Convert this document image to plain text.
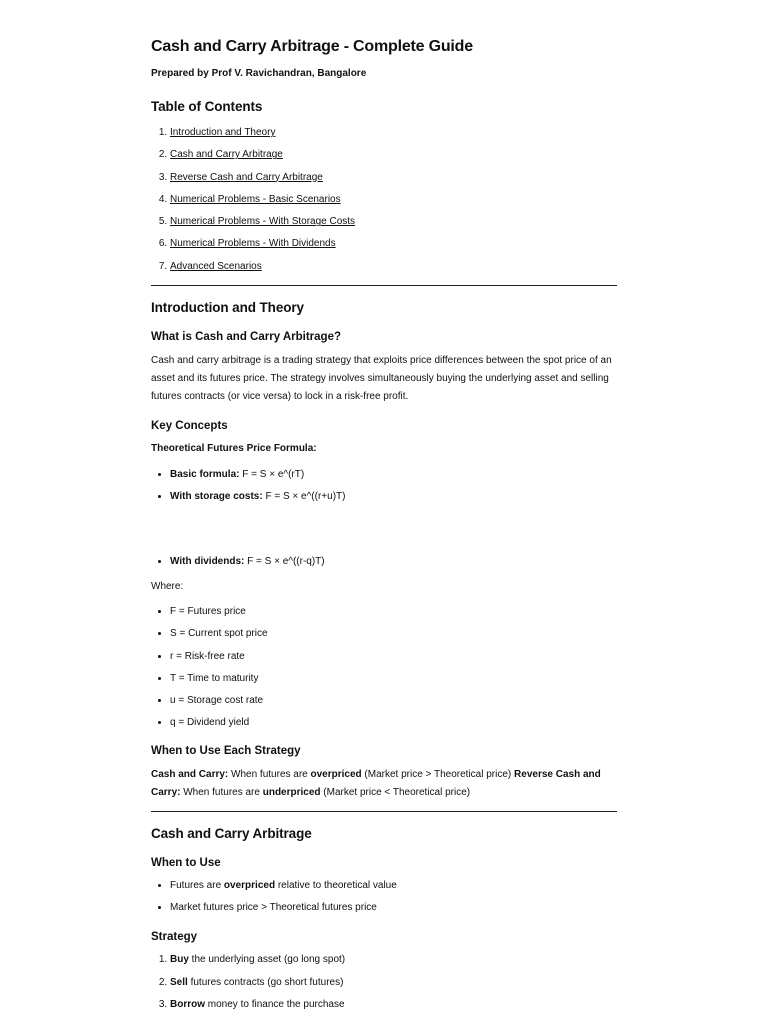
Cash and Carry Arbitrage - Complete Guide
Prepared by Prof V. Ravichandran, Bangalore
Table of Contents
1. Introduction and Theory
2. Cash and Carry Arbitrage
3. Reverse Cash and Carry Arbitrage
4. Numerical Problems - Basic Scenarios
5. Numerical Problems - With Storage Costs
6. Numerical Problems - With Dividends
7. Advanced Scenarios
Introduction and Theory
What is Cash and Carry Arbitrage?

Cash and carry arbitrage is a trading strategy that exploits price differences between the spot price of an asset and its futures price. The strategy involves simultaneously buying the underlying asset and selling futures contracts (or vice versa) to lock in a risk-free profit.

Key Concepts
Theoretical Futures Price Formula:
• Basic formula: F = S × e^(rT)
• With storage costs: F = S × e^((r+u)T)
• With dividends: F = S × e^((r-q)T)

Where:

• F = Futures price
• S = Current spot price
• r = Risk-free rate
• T = Time to maturity
• u = Storage cost rate
• q = Dividend yield
When to Use Each Strategy

Cash and Carry: When futures are overpriced (Market price > Theoretical price) Reverse Cash and Carry: When futures are underpriced (Market price < Theoretical price)

Cash and Carry Arbitrage
When to Use
• Futures are overpriced relative to theoretical value
• Market futures price > Theoretical futures price
Strategy
1. Buy the underlying asset (go long spot)
2. Sell futures contracts (go short futures)
3. Borrow money to finance the purchase
